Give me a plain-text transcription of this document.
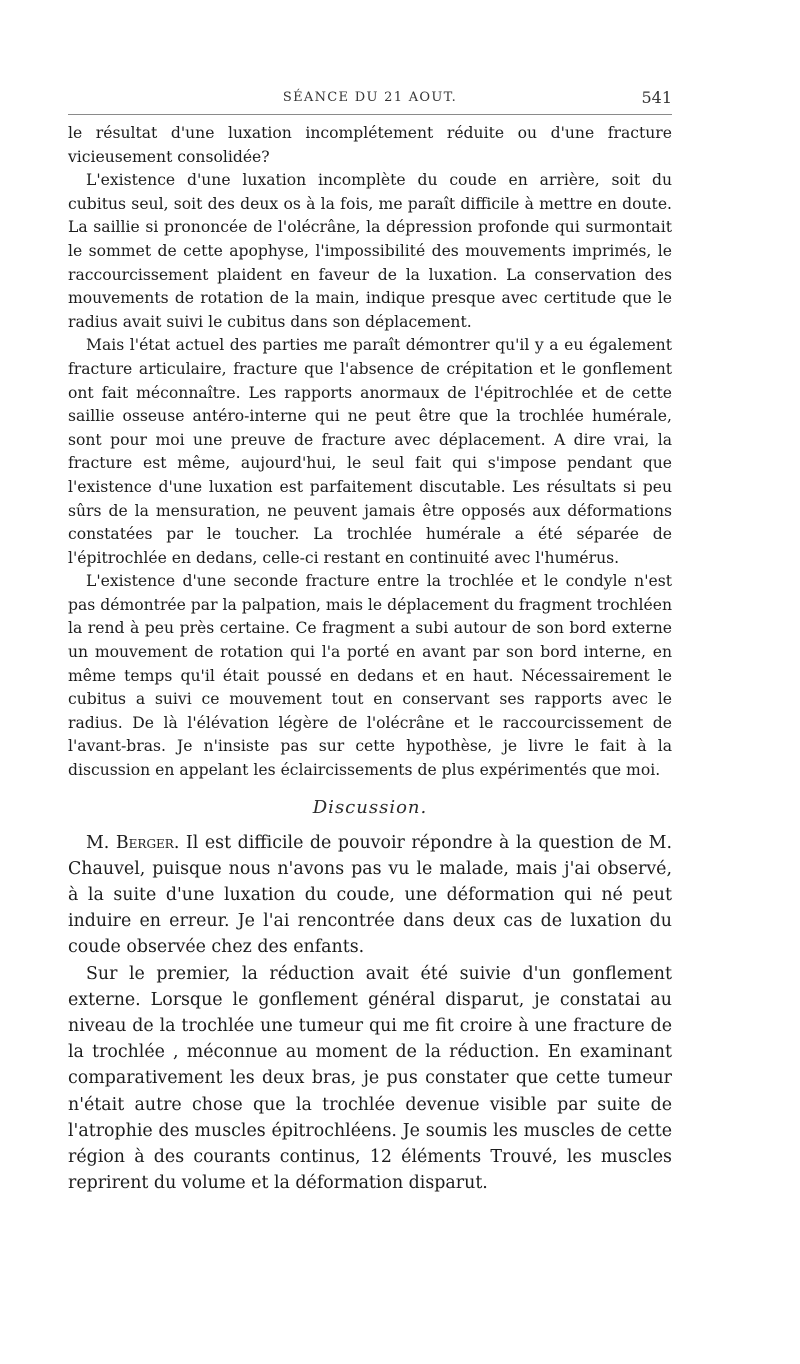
SÉANCE DU 21 AOUT.	541

le résultat d'une luxation incomplétement réduite ou d'une fracture vicieusement consolidée?

L'existence d'une luxation incomplète du coude en arrière, soit du cubitus seul, soit des deux os à la fois, me paraît difficile à mettre en doute. La saillie si prononcée de l'olécrâne, la dépression profonde qui surmontait le sommet de cette apophyse, l'impossibilité des mouvements imprimés, le raccourcissement plaident en faveur de la luxation. La conservation des mouvements de rotation de la main, indique presque avec certitude que le radius avait suivi le cubitus dans son déplacement.

Mais l'état actuel des parties me paraît démontrer qu'il y a eu également fracture articulaire, fracture que l'absence de crépitation et le gonflement ont fait méconnaître. Les rapports anormaux de l'épitrochlée et de cette saillie osseuse antéro-interne qui ne peut être que la trochlée humérale, sont pour moi une preuve de fracture avec déplacement. A dire vrai, la fracture est même, aujourd'hui, le seul fait qui s'impose pendant que l'existence d'une luxation est parfaitement discutable. Les résultats si peu sûrs de la mensuration, ne peuvent jamais être opposés aux déformations constatées par le toucher. La trochlée humérale a été séparée de l'épitrochlée en dedans, celle-ci restant en continuité avec l'humérus.

L'existence d'une seconde fracture entre la trochlée et le condyle n'est pas démontrée par la palpation, mais le déplacement du fragment trochléen la rend à peu près certaine. Ce fragment a subi autour de son bord externe un mouvement de rotation qui l'a porté en avant par son bord interne, en même temps qu'il était poussé en dedans et en haut. Nécessairement le cubitus a suivi ce mouvement tout en conservant ses rapports avec le radius. De là l'élévation légère de l'olécrâne et le raccourcissement de l'avant-bras. Je n'insiste pas sur cette hypothèse, je livre le fait à la discussion en appelant les éclaircissements de plus expérimentés que moi.

Discussion.

M. Berger. Il est difficile de pouvoir répondre à la question de M. Chauvel, puisque nous n'avons pas vu le malade, mais j'ai observé, à la suite d'une luxation du coude, une déformation qui né peut induire en erreur. Je l'ai rencontrée dans deux cas de luxation du coude observée chez des enfants.

Sur le premier, la réduction avait été suivie d'un gonflement externe. Lorsque le gonflement général disparut, je constatai au niveau de la trochlée une tumeur qui me fit croire à une fracture de la trochlée , méconnue au moment de la réduction. En examinant comparativement les deux bras, je pus constater que cette tumeur n'était autre chose que la trochlée devenue visible par suite de l'atrophie des muscles épitrochléens. Je soumis les muscles de cette région à des courants continus, 12 éléments Trouvé, les muscles reprirent du volume et la déformation disparut.
